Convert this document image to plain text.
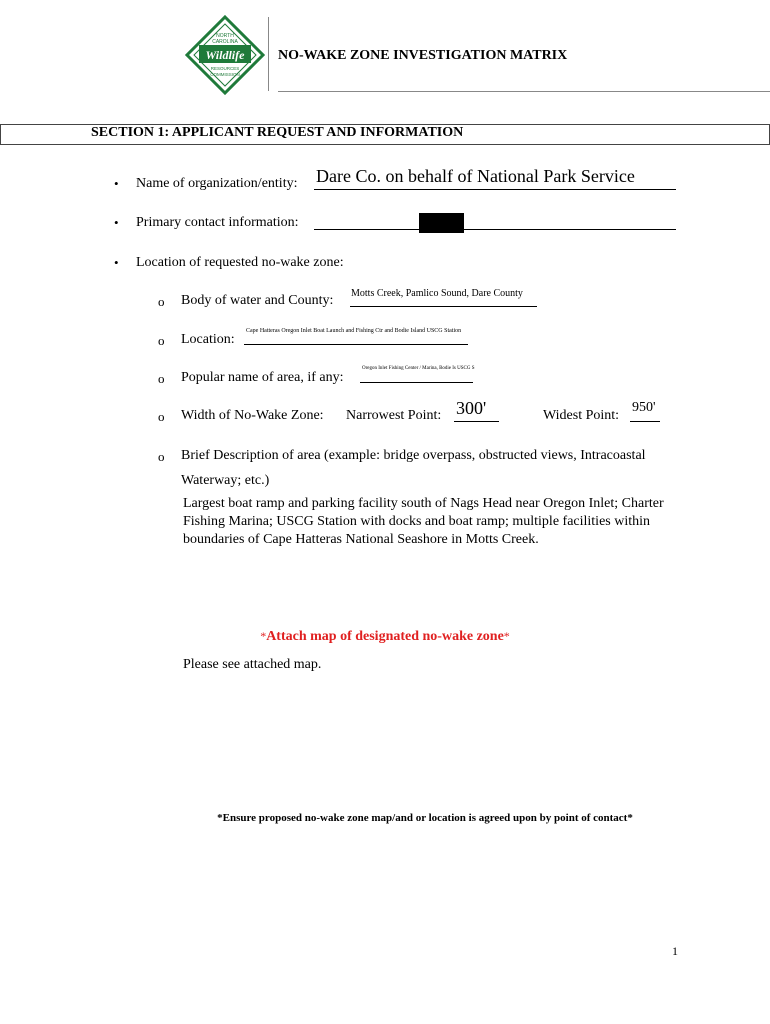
NORTH
CAROLINA
Wildlife
RESOURCES
COMMISSION
NO-WAKE ZONE INVESTIGATION MATRIX
SECTION 1: APPLICANT REQUEST AND INFORMATION
• Name of organization/entity: Dare Co. on behalf of National Park Service
• Primary contact information:
• Location of requested no-wake zone:
o Body of water and County: Motts Creek, Pamlico Sound, Dare County
o Location:
Cape Hatteras Oregon Inlet Boat Launch and Fishing Ctr and Bodie Island USCG Station
o Popular name of area, if any:
Oregon Inlet Fishing Center / Marina, Bodie Is USCG S
o Width of No-Wake Zone: Narrowest Point: 300'	Widest Point:
950'
o Brief Description of area (example: bridge overpass, obstructed views, Intracoastal
Waterway; etc.)
Largest boat ramp and parking facility south of Nags Head near Oregon Inlet; Charter Fishing Marina; USCG Station with docks and boat ramp; multiple facilities within boundaries of Cape Hatteras National Seashore in Motts Creek.
*Attach map of designated no-wake zone*
Please see attached map.
*Ensure proposed no-wake zone map/and or location is agreed upon by point of contact*
1
